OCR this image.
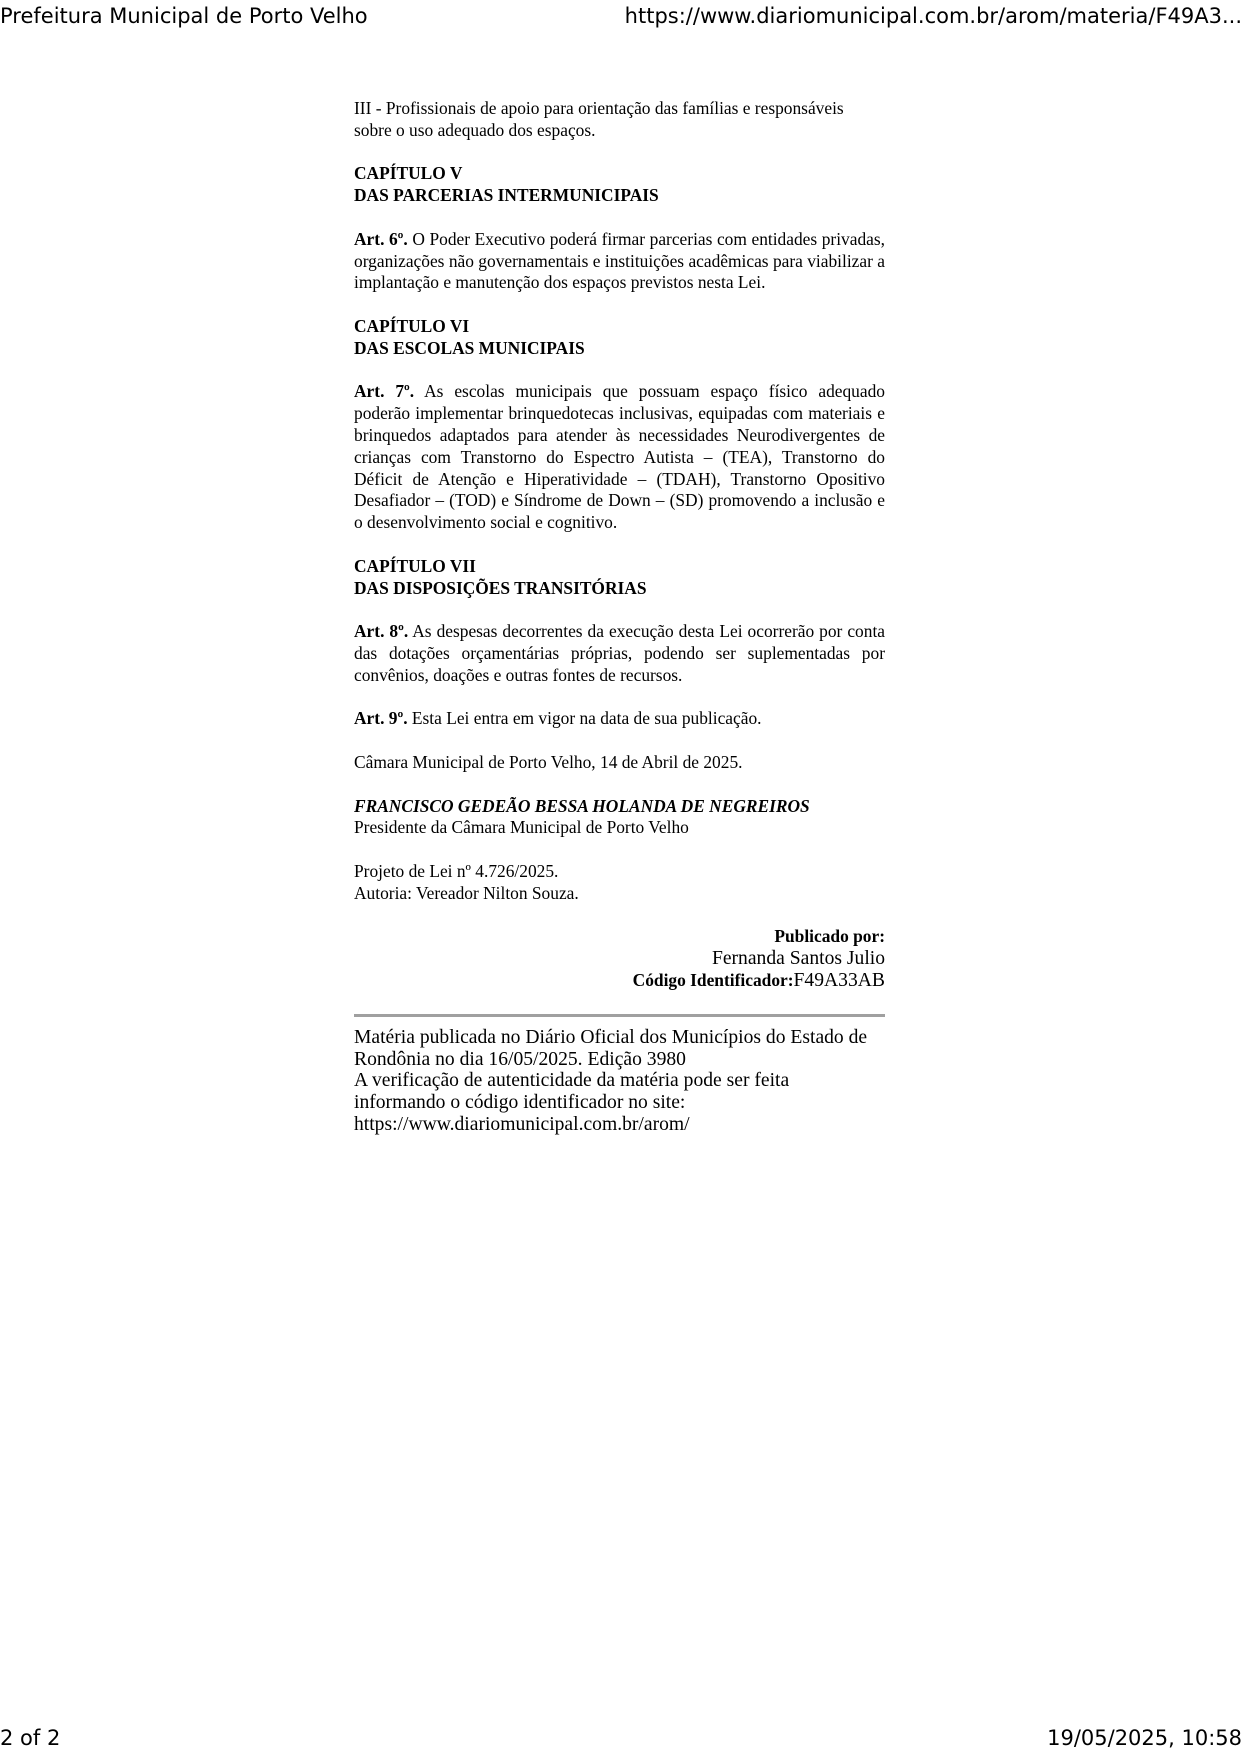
Prefeitura Municipal de Porto Velho	https://www.diariomunicipal.com.br/arom/materia/F49A3...

III - Profissionais de apoio para orientação das famílias e responsáveis sobre o uso adequado dos espaços.

CAPÍTULO V
DAS PARCERIAS INTERMUNICIPAIS

Art. 6º. O Poder Executivo poderá firmar parcerias com entidades privadas, organizações não governamentais e instituições acadêmicas para viabilizar a implantação e manutenção dos espaços previstos nesta Lei.

CAPÍTULO VI
DAS ESCOLAS MUNICIPAIS

Art. 7º. As escolas municipais que possuam espaço físico adequado poderão implementar brinquedotecas inclusivas, equipadas com materiais e brinquedos adaptados para atender às necessidades Neurodivergentes de crianças com Transtorno do Espectro Autista – (TEA), Transtorno do Déficit de Atenção e Hiperatividade – (TDAH), Transtorno Opositivo Desafiador – (TOD) e Síndrome de Down – (SD) promovendo a inclusão e o desenvolvimento social e cognitivo.

CAPÍTULO VII
DAS DISPOSIÇÕES TRANSITÓRIAS

Art. 8º. As despesas decorrentes da execução desta Lei ocorrerão por conta das dotações orçamentárias próprias, podendo ser suplementadas por convênios, doações e outras fontes de recursos.

Art. 9º. Esta Lei entra em vigor na data de sua publicação.

Câmara Municipal de Porto Velho, 14 de Abril de 2025.

FRANCISCO GEDEÃO BESSA HOLANDA DE NEGREIROS
Presidente da Câmara Municipal de Porto Velho

Projeto de Lei nº 4.726/2025.
Autoria: Vereador Nilton Souza.

Publicado por:
Fernanda Santos Julio
Código Identificador:F49A33AB
Matéria publicada no Diário Oficial dos Municípios do Estado de Rondônia no dia 16/05/2025. Edição 3980
A verificação de autenticidade da matéria pode ser feita informando o código identificador no site:
https://www.diariomunicipal.com.br/arom/
2 of 2	19/05/2025, 10:58
